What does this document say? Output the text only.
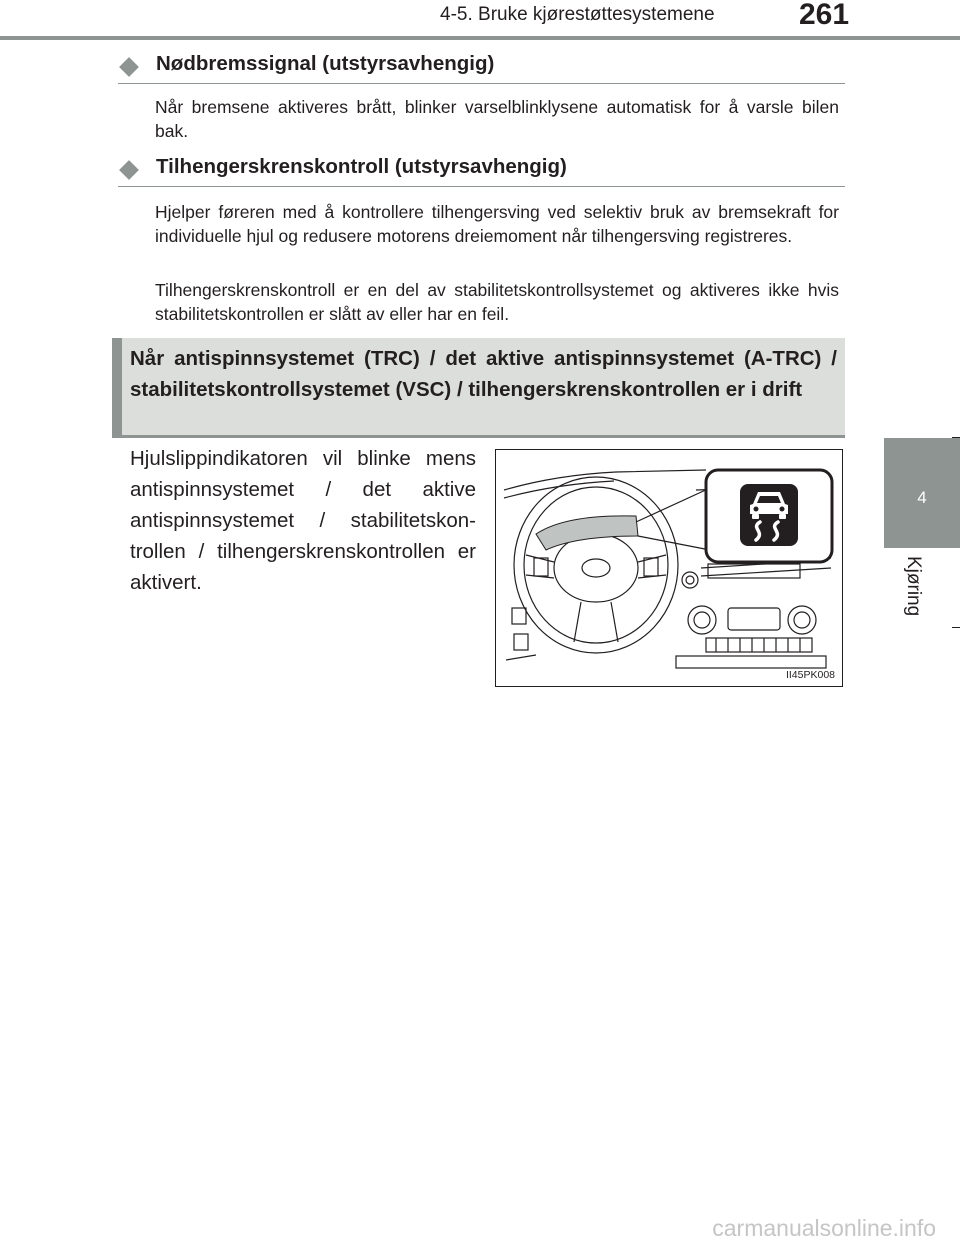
4-5. Bruke kjørestøttesystemene	261
4
Kjøring
Nødbremssignal (utstyrsavhengig)
Når bremsene aktiveres brått, blinker varselblinklysene automatisk for å varsle bilen bak.
Tilhengerskrenskontroll (utstyrsavhengig)
Hjelper føreren med å kontrollere tilhengersving ved selektiv bruk av bremsekraft for individuelle hjul og redusere motorens dreiemoment når tilhengersving registreres.
Tilhengerskrenskontroll er en del av stabilitetskontrollsystemet og aktiveres ikke hvis stabilitetskontrollen er slått av eller har en feil.
Når antispinnsystemet (TRC) / det aktive antispinnsystemet (A-TRC) / stabilitetskontrollsystemet (VSC) / tilhengerskrenskontrollen er i drift
Hjulslippindikatoren vil blinke mens antispinnsystemet / det aktive antispinnsystemet / stabilitetskontrollen / tilhengerskrenskontrollen er aktivert.
II45PK008
carmanualsonline.info
